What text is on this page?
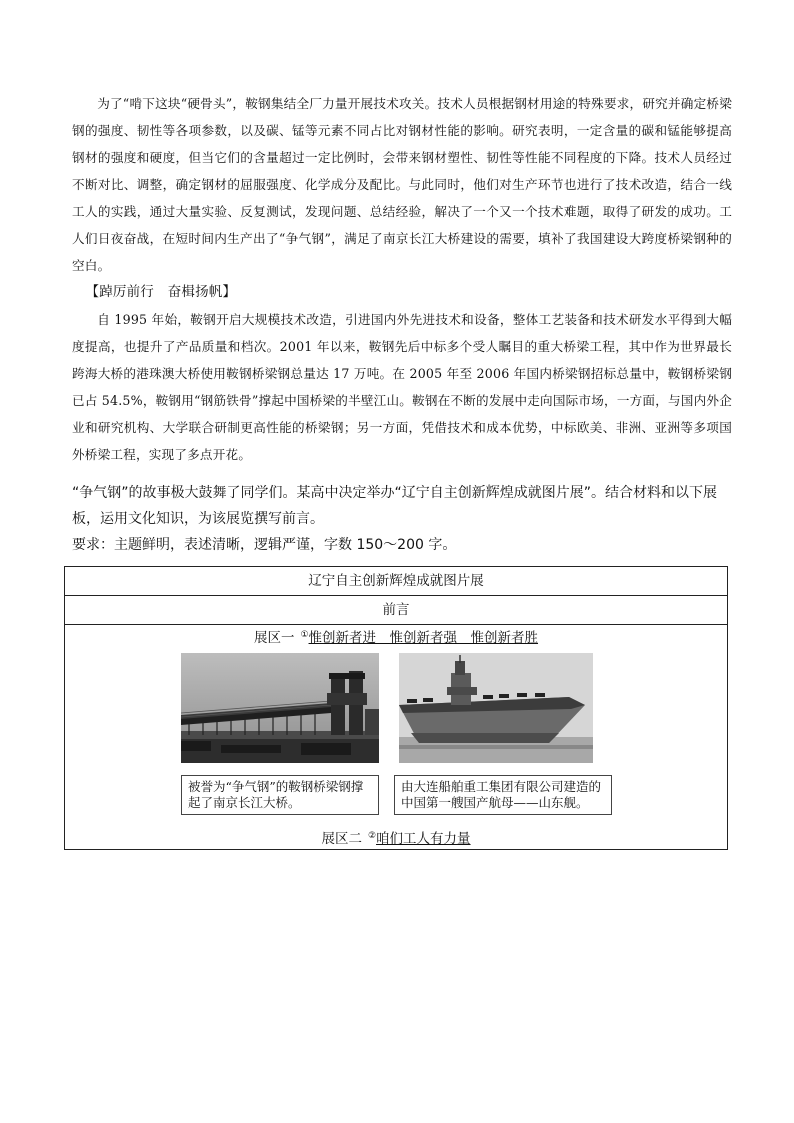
为了“啃下这块“硬骨头”，鞍钢集结全厂力量开展技术攻关。技术人员根据钢材用途的特殊要求，研究并确定桥梁钢的强度、韧性等各项参数，以及碳、锰等元素不同占比对钢材性能的影响。研究表明，一定含量的碳和锰能够提高钢材的强度和硬度，但当它们的含量超过一定比例时，会带来钢材塑性、韧性等性能不同程度的下降。技术人员经过不断对比、调整，确定钢材的屈服强度、化学成分及配比。与此同时，他们对生产环节也进行了技术改造，结合一线工人的实践，通过大量实验、反复测试，发现问题、总结经验，解决了一个又一个技术难题，取得了研发的成功。工人们日夜奋战，在短时间内生产出了“争气钢”，满足了南京长江大桥建设的需要，填补了我国建设大跨度桥梁钢种的空白。

【踔厉前行　奋楫扬帆】

自 1995 年始，鞍钢开启大规模技术改造，引进国内外先进技术和设备，整体工艺装备和技术研发水平得到大幅度提高，也提升了产品质量和档次。2001 年以来，鞍钢先后中标多个受人瞩目的重大桥梁工程，其中作为世界最长跨海大桥的港珠澳大桥使用鞍钢桥梁钢总量达 17 万吨。在 2005 年至 2006 年国内桥梁钢招标总量中，鞍钢桥梁钢已占 54.5%，鞍钢用“钢筋铁骨”撑起中国桥梁的半壁江山。鞍钢在不断的发展中走向国际市场，一方面，与国内外企业和研究机构、大学联合研制更高性能的桥梁钢；另一方面，凭借技术和成本优势，中标欧美、非洲、亚洲等多项国外桥梁工程，实现了多点开花。

“争气钢”的故事极大鼓舞了同学们。某高中决定举办“辽宁自主创新辉煌成就图片展”。结合材料和以下展板，运用文化知识，为该展览撰写前言。

要求：主题鲜明，表述清晰，逻辑严谨，字数 150～200 字。

辽宁自主创新辉煌成就图片展
前言
展区一 ①惟创新者进　惟创新者强　惟创新者胜
被誉为“争气钢”的鞍钢桥梁钢撑起了南京长江大桥。
由大连船舶重工集团有限公司建造的中国第一艘国产航母——山东舰。
展区二 ②咱们工人有力量
